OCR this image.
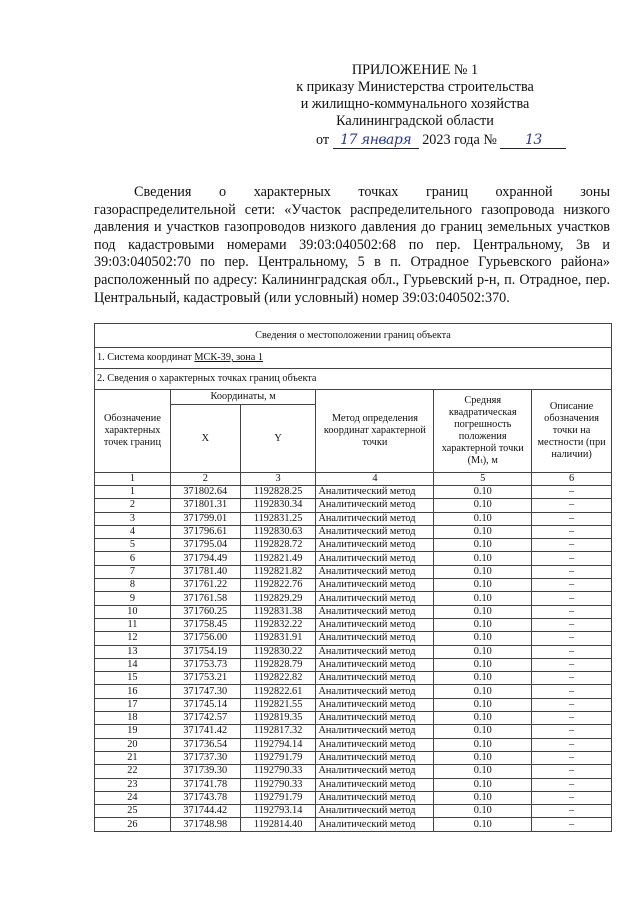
ПРИЛОЖЕНИЕ № 1
к приказу Министерства строительства
и жилищно-коммунального хозяйства
Калининградской области
от 17 января 2023 года № 13

Сведения о характерных точках границ охранной зоны газораспределительной сети: «Участок распределительного газопровода низкого давления и участков газопроводов низкого давления до границ земельных участков под кадастровыми номерами 39:03:040502:68 по пер. Центральному, 3в и 39:03:040502:70 по пер. Центральному, 5 в п. Отрадное Гурьевского района» расположенный по адресу: Калининградская обл., Гурьевский р-н, п. Отрадное, пер. Центральный, кадастровый (или условный) номер 39:03:040502:370.

Сведения о местоположении границ объекта					
1. Система координат МСК-39, зона 1					
2. Сведения о характерных точках границ объекта					
Обозначение характерных точек границ	Координаты, м		Метод определения координат характерной точки	Средняя квадратическая погрешность положения характерной точки (Мₜ), м	Описание обозначения точки на местности (при наличии)
	X	Y			
1	2	3	4	5	6
1	371802.64	1192828.25	Аналитический метод	0.10	–
2	371801.31	1192830.34	Аналитический метод	0.10	–
3	371799.01	1192831.25	Аналитический метод	0.10	–
4	371796.61	1192830.63	Аналитический метод	0.10	–
5	371795.04	1192828.72	Аналитический метод	0.10	–
6	371794.49	1192821.49	Аналитический метод	0.10	–
7	371781.40	1192821.82	Аналитический метод	0.10	–
8	371761.22	1192822.76	Аналитический метод	0.10	–
9	371761.58	1192829.29	Аналитический метод	0.10	–
10	371760.25	1192831.38	Аналитический метод	0.10	–
11	371758.45	1192832.22	Аналитический метод	0.10	–
12	371756.00	1192831.91	Аналитический метод	0.10	–
13	371754.19	1192830.22	Аналитический метод	0.10	–
14	371753.73	1192828.79	Аналитический метод	0.10	–
15	371753.21	1192822.82	Аналитический метод	0.10	–
16	371747.30	1192822.61	Аналитический метод	0.10	–
17	371745.14	1192821.55	Аналитический метод	0.10	–
18	371742.57	1192819.35	Аналитический метод	0.10	–
19	371741.42	1192817.32	Аналитический метод	0.10	–
20	371736.54	1192794.14	Аналитический метод	0.10	–
21	371737.30	1192791.79	Аналитический метод	0.10	–
22	371739.30	1192790.33	Аналитический метод	0.10	–
23	371741.78	1192790.33	Аналитический метод	0.10	–
24	371743.78	1192791.79	Аналитический метод	0.10	–
25	371744.42	1192793.14	Аналитический метод	0.10	–
26	371748.98	1192814.40	Аналитический метод	0.10	–
